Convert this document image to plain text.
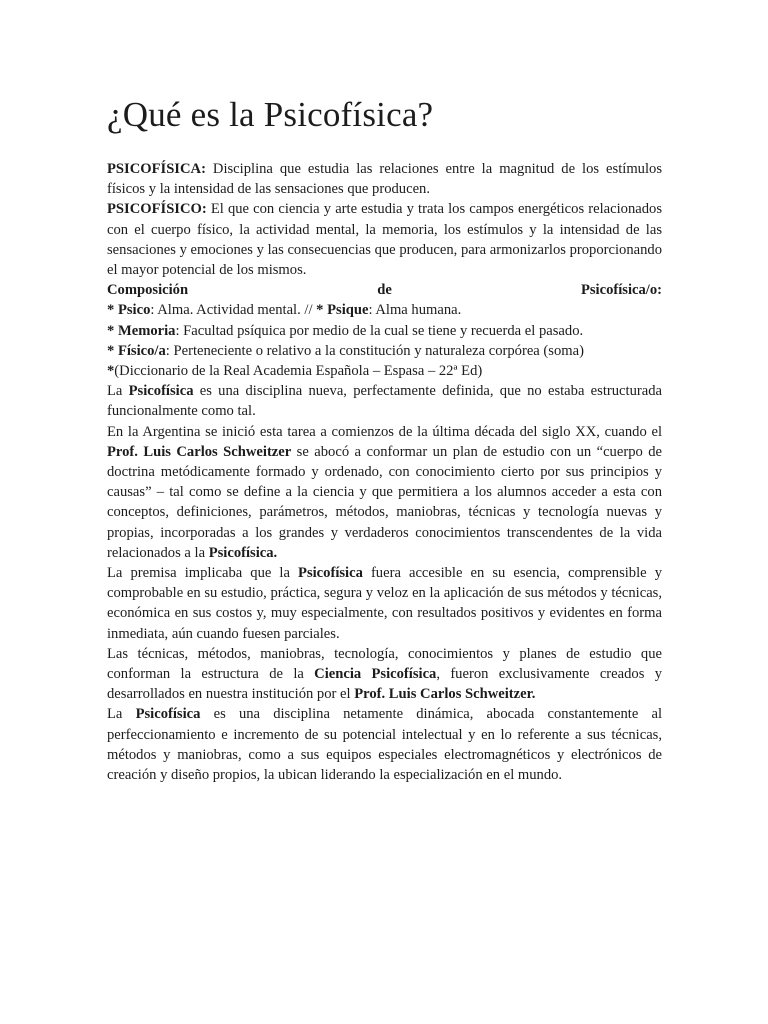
¿Qué es la Psicofísica?
PSICOFÍSICA: Disciplina que estudia las relaciones entre la magnitud de los estímulos físicos y la intensidad de las sensaciones que producen.
PSICOFÍSICO: El que con ciencia y arte estudia y trata los campos energéticos relacionados con el cuerpo físico, la actividad mental, la memoria, los estímulos y la intensidad de las sensaciones y emociones y las consecuencias que producen, para armonizarlos proporcionando el mayor potencial de los mismos.
Composición	de	Psicofísica/o:
* Psico: Alma. Actividad mental. // * Psique: Alma humana.
* Memoria: Facultad psíquica por medio de la cual se tiene y recuerda el pasado.
* Físico/a: Perteneciente o relativo a la constitución y naturaleza corpórea (soma)
*(Diccionario de la Real Academia Española – Espasa – 22ª Ed)
La Psicofísica es una disciplina nueva, perfectamente definida, que no estaba estructurada funcionalmente como tal.
En la Argentina se inició esta tarea a comienzos de la última década del siglo XX, cuando el Prof. Luis Carlos Schweitzer se abocó a conformar un plan de estudio con un “cuerpo de doctrina metódicamente formado y ordenado, con conocimiento cierto por sus principios y causas” – tal como se define a la ciencia y que permitiera a los alumnos acceder a esta con conceptos, definiciones, parámetros, métodos, maniobras, técnicas y tecnología nuevas y propias, incorporadas a los grandes y verdaderos conocimientos transcendentes de la vida relacionados a la Psicofísica.
La premisa implicaba que la Psicofísica fuera accesible en su esencia, comprensible y comprobable en su estudio, práctica, segura y veloz en la aplicación de sus métodos y técnicas, económica en sus costos y, muy especialmente, con resultados positivos y evidentes en forma inmediata, aún cuando fuesen parciales.
Las técnicas, métodos, maniobras, tecnología, conocimientos y planes de estudio que conforman la estructura de la Ciencia Psicofísica, fueron exclusivamente creados y desarrollados en nuestra institución por el Prof. Luis Carlos Schweitzer.
La Psicofísica es una disciplina netamente dinámica, abocada constantemente al perfeccionamiento e incremento de su potencial intelectual y en lo referente a sus técnicas, métodos y maniobras, como a sus equipos especiales electromagnéticos y electrónicos de creación y diseño propios, la ubican liderando la especialización en el mundo.
